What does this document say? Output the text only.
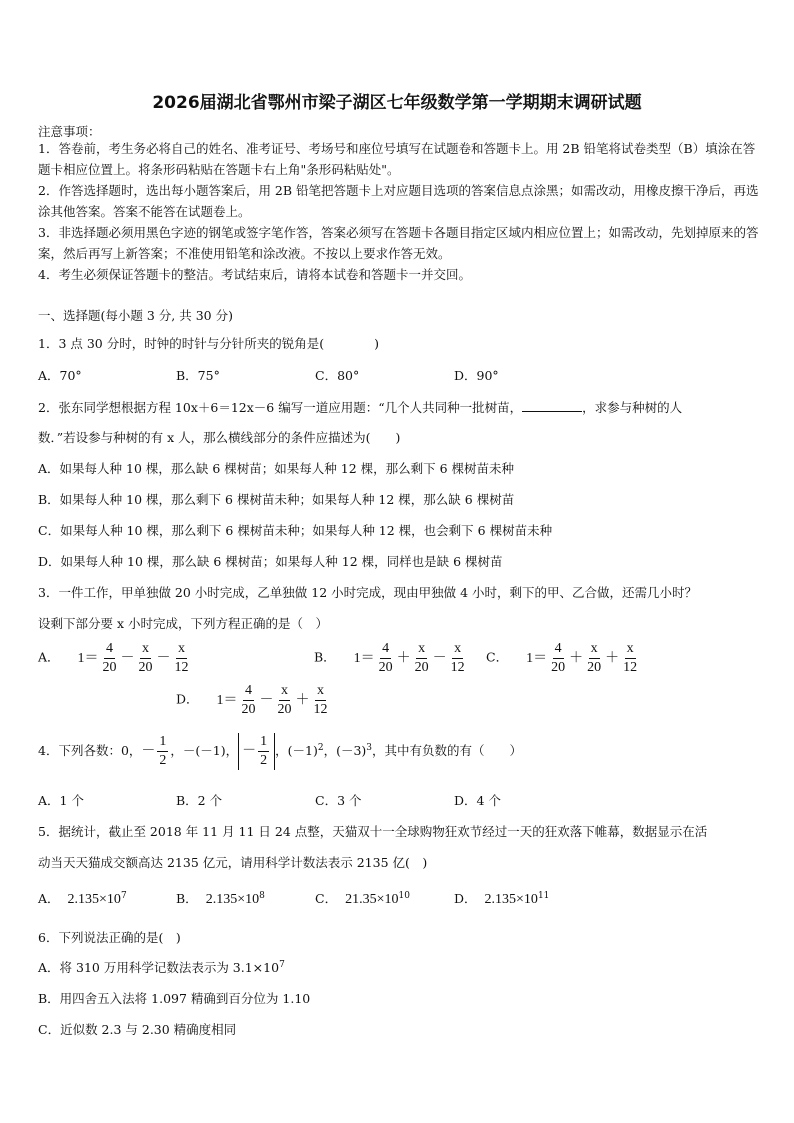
2026届湖北省鄂州市梁子湖区七年级数学第一学期期末调研试题
注意事项：
1．答卷前，考生务必将自己的姓名、准考证号、考场号和座位号填写在试题卷和答题卡上。用 2B 铅笔将试卷类型（B）填涂在答题卡相应位置上。将条形码粘贴在答题卡右上角"条形码粘贴处"。
2．作答选择题时，选出每小题答案后，用 2B 铅笔把答题卡上对应题目选项的答案信息点涂黑；如需改动，用橡皮擦干净后，再选涂其他答案。答案不能答在试题卷上。
3．非选择题必须用黑色字迹的钢笔或签字笔作答，答案必须写在答题卡各题目指定区域内相应位置上；如需改动，先划掉原来的答案，然后再写上新答案；不准使用铅笔和涂改液。不按以上要求作答无效。
4．考生必须保证答题卡的整洁。考试结束后，请将本试卷和答题卡一并交回。
一、选择题(每小题 3 分, 共 30 分)
1．3 点 30 分时，时钟的时针与分针所夹的锐角是(　　　　)
A．70°	B．75°	C．80°	D．90°
2．张东同学想根据方程 10x＋6＝12x－6 编写一道应用题：“几个人共同种一批树苗，	，求参与种树的人
数．”若设参与种树的有 x 人，那么横线部分的条件应描述为(　　)
A．如果每人种 10 棵，那么缺 6 棵树苗；如果每人种 12 棵，那么剩下 6 棵树苗未种
B．如果每人种 10 棵，那么剩下 6 棵树苗未种；如果每人种 12 棵，那么缺 6 棵树苗
C．如果每人种 10 棵，那么剩下 6 棵树苗未种；如果每人种 12 棵，也会剩下 6 棵树苗未种
D．如果每人种 10 棵，那么缺 6 棵树苗；如果每人种 12 棵，同样也是缺 6 棵树苗
3．一件工作，甲单独做 20 小时完成，乙单独做 12 小时完成，现由甲独做 4 小时，剩下的甲、乙合做，还需几小时？
设剩下部分要 x 小时完成，下列方程正确的是（　）
A． $1= \frac{4}{20} - \frac{x}{20} - \frac{x}{12}$	B． $1= \frac{4}{20} + \frac{x}{20} - \frac{x}{12}$ C． $1= \frac{4}{20} + \frac{x}{20} + \frac{x}{12}$
D． $1= \frac{4}{20} - \frac{x}{20} + \frac{x}{12}$
4．下列各数：0，－ $\frac{1}{2}$ ，－(－1)， － $\frac{1}{2}$ ，$(-1)^2$，$(-3)^3$，其中有负数的有（　　）
A．1 个	B．2 个	C．3 个	D．4 个
5．据统计，截止至 2018 年 11 月 11 日 24 点整，天猫双十一全球购物狂欢节经过一天的狂欢落下帷幕，数据显示在活
动当天天猫成交额高达 2135 亿元，请用科学计数法表示 2135 亿(　)
A． $2.135\times 10^7$	B． $2.135\times 10^8$	C． $21.35\times 10^{10}$	D． $2.135\times 10^{11}$
6．下列说法正确的是(　)
A．将 310 万用科学记数法表示为 $3.1\times 10^7$
B．用四舍五入法将 1.097 精确到百分位为 1.10
C．近似数 2.3 与 2.30 精确度相同
